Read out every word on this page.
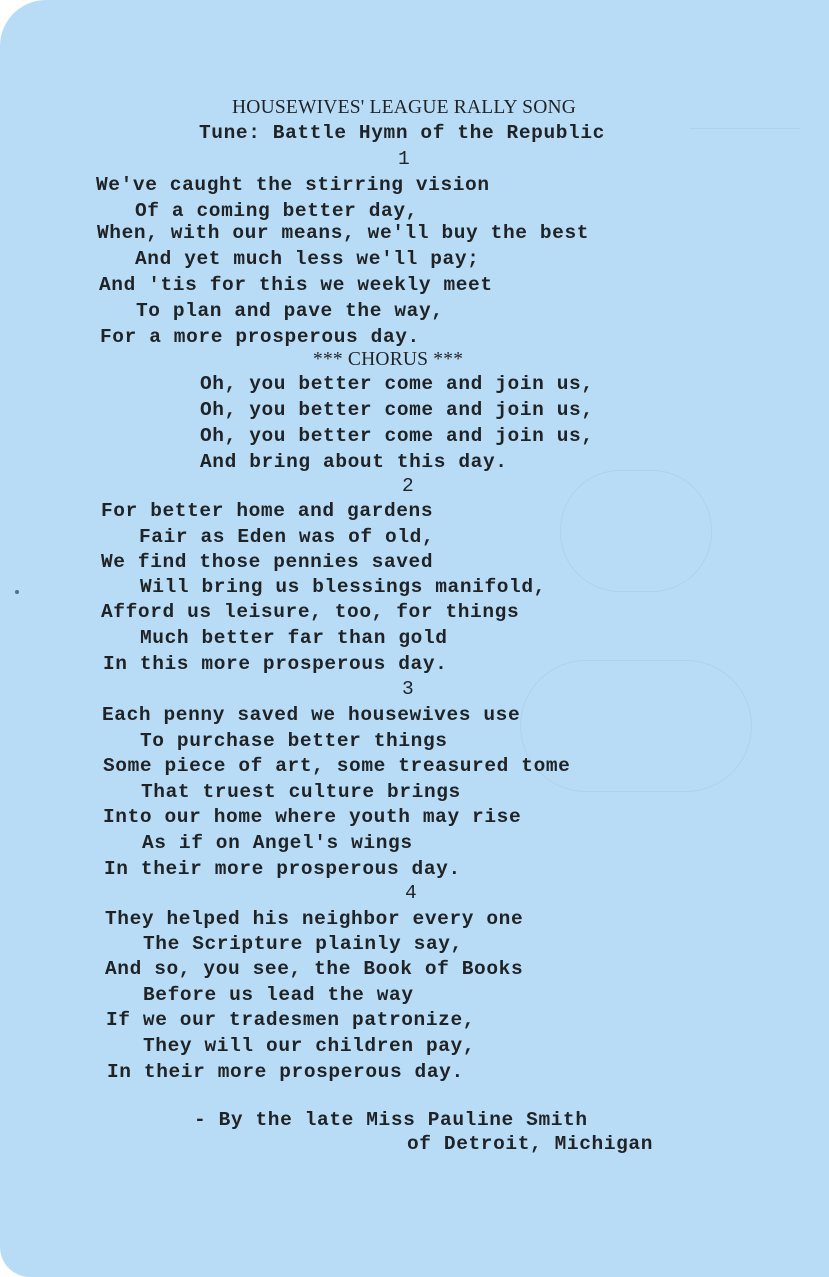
HOUSEWIVES' LEAGUE RALLY SONG
Tune: Battle Hymn of the Republic
1
We've caught the stirring vision
Of a coming better day,
When, with our means, we'll buy the best
And yet much less we'll pay;
And 'tis for this we weekly meet
To plan and pave the way,
For a more prosperous day.
*** CHORUS ***
Oh, you better come and join us,
Oh, you better come and join us,
Oh, you better come and join us,
And bring about this day.
2
For better home and gardens
Fair as Eden was of old,
We find those pennies saved
Will bring us blessings manifold,
Afford us leisure, too, for things
Much better far than gold
In this more prosperous day.
3
Each penny saved we housewives use
To purchase better things
Some piece of art, some treasured tome
That truest culture brings
Into our home where youth may rise
As if on Angel's wings
In their more prosperous day.
4
They helped his neighbor every one
The Scripture plainly say,
And so, you see, the Book of Books
Before us lead the way
If we our tradesmen patronize,
They will our children pay,
In their more prosperous day.
- By the late Miss Pauline Smith
of Detroit, Michigan
